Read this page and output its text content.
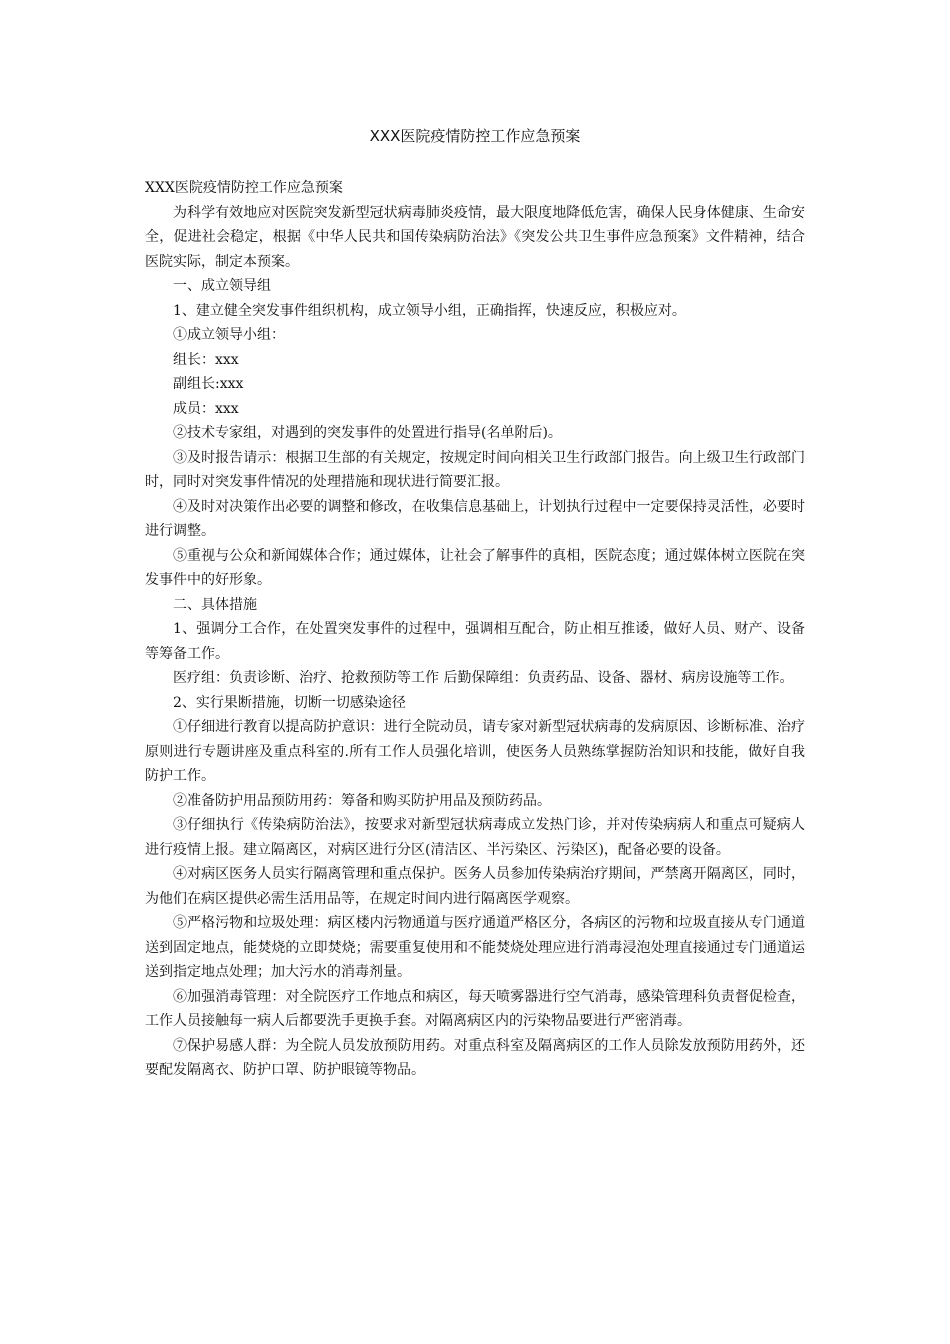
XXX医院疫情防控工作应急预案

XXX医院疫情防控工作应急预案

为科学有效地应对医院突发新型冠状病毒肺炎疫情，最大限度地降低危害，确保人民身体健康、生命安全，促进社会稳定，根据《中华人民共和国传染病防治法》《突发公共卫生事件应急预案》文件精神，结合医院实际，制定本预案。

一、成立领导组

1、建立健全突发事件组织机构，成立领导小组，正确指挥，快速反应，积极应对。

①成立领导小组：

组长：xxx

副组长:xxx

成员：xxx

②技术专家组，对遇到的突发事件的处置进行指导(名单附后)。

③及时报告请示：根据卫生部的有关规定，按规定时间向相关卫生行政部门报告。向上级卫生行政部门时，同时对突发事件情况的处理措施和现状进行简要汇报。

④及时对决策作出必要的调整和修改，在收集信息基础上，计划执行过程中一定要保持灵活性，必要时进行调整。

⑤重视与公众和新闻媒体合作；通过媒体，让社会了解事件的真相，医院态度；通过媒体树立医院在突发事件中的好形象。

二、具体措施

1、强调分工合作，在处置突发事件的过程中，强调相互配合，防止相互推诿，做好人员、财产、设备等筹备工作。

医疗组：负责诊断、治疗、抢救预防等工作 后勤保障组：负责药品、设备、器材、病房设施等工作。

2、实行果断措施，切断一切感染途径

①仔细进行教育以提高防护意识：进行全院动员，请专家对新型冠状病毒的发病原因、诊断标准、治疗原则进行专题讲座及重点科室的.所有工作人员强化培训，使医务人员熟练掌握防治知识和技能，做好自我防护工作。

②准备防护用品预防用药：筹备和购买防护用品及预防药品。

③仔细执行《传染病防治法》，按要求对新型冠状病毒成立发热门诊，并对传染病病人和重点可疑病人进行疫情上报。建立隔离区，对病区进行分区(清洁区、半污染区、污染区)，配备必要的设备。

④对病区医务人员实行隔离管理和重点保护。医务人员参加传染病治疗期间，严禁离开隔离区，同时，为他们在病区提供必需生活用品等，在规定时间内进行隔离医学观察。

⑤严格污物和垃圾处理：病区楼内污物通道与医疗通道严格区分，各病区的污物和垃圾直接从专门通道送到固定地点，能焚烧的立即焚烧；需要重复使用和不能焚烧处理应进行消毒浸泡处理直接通过专门通道运送到指定地点处理；加大污水的消毒剂量。

⑥加强消毒管理：对全院医疗工作地点和病区，每天喷雾器进行空气消毒，感染管理科负责督促检查，工作人员接触每一病人后都要洗手更换手套。对隔离病区内的污染物品要进行严密消毒。

⑦保护易感人群：为全院人员发放预防用药。对重点科室及隔离病区的工作人员除发放预防用药外，还要配发隔离衣、防护口罩、防护眼镜等物品。
